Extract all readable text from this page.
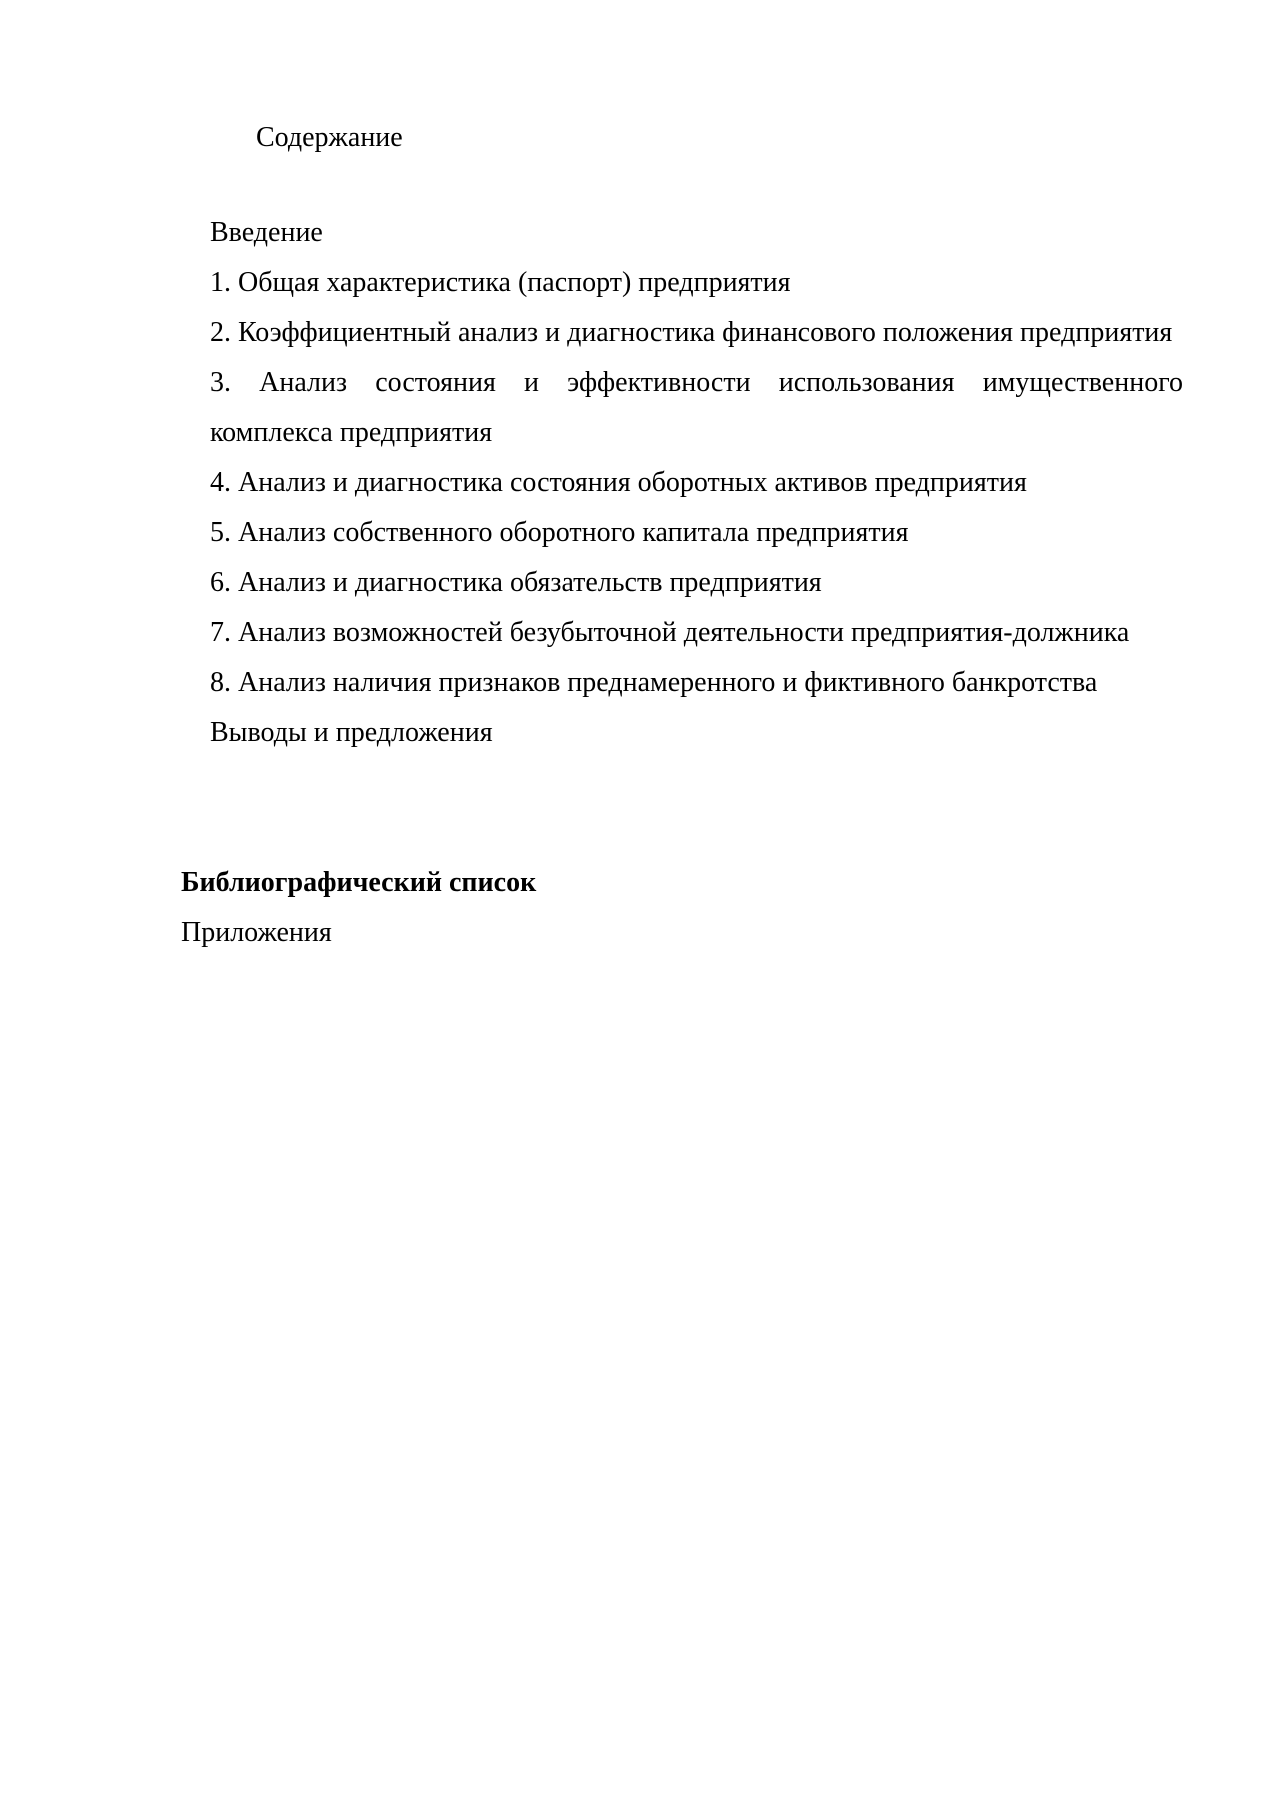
Содержание
Введение
1. Общая характеристика (паспорт) предприятия
2. Коэффициентный анализ и диагностика финансового положения предприятия
3. Анализ состояния и эффективности использования имущественного комплекса предприятия
4. Анализ и диагностика состояния оборотных активов предприятия
5. Анализ собственного оборотного капитала предприятия
6. Анализ и диагностика обязательств предприятия
7. Анализ возможностей безубыточной деятельности предприятия-должника
8. Анализ наличия признаков преднамеренного и фиктивного банкротства
Выводы и предложения
Библиографический список
Приложения
